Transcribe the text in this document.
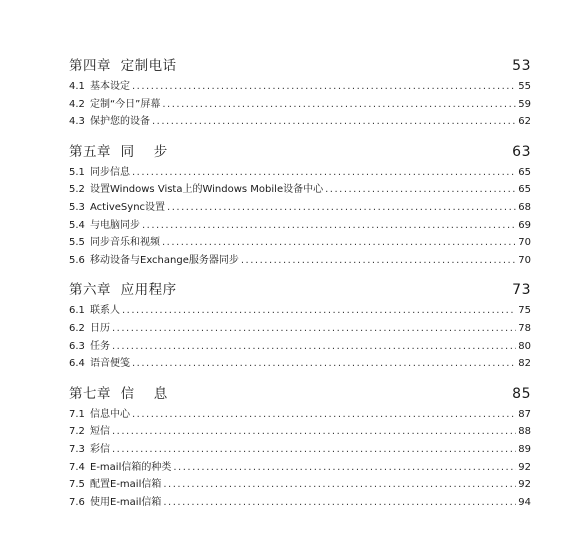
第四章  定制电话	53
4.1 基本设定 .....	55
4.2 定制“今日”屏幕 .....	59
4.3 保护您的设备 .....	62
第五章  同    步	63
5.1 同步信息 .....	65
5.2 设置Windows Vista上的Windows Mobile设备中心 .....	65
5.3 ActiveSync设置 .....	68
5.4 与电脑同步 .....	69
5.5 同步音乐和视频 .....	70
5.6 移动设备与Exchange服务器同步 .....	70
第六章  应用程序	73
6.1 联系人 .....	75
6.2 日历 .....	78
6.3 任务 .....	80
6.4 语音便笺 .....	82
第七章  信    息	85
7.1 信息中心 .....	87
7.2 短信 .....	88
7.3 彩信 .....	89
7.4 E-mail信箱的种类 .....	92
7.5 配置E-mail信箱 .....	92
7.6 使用E-mail信箱 .....	94
